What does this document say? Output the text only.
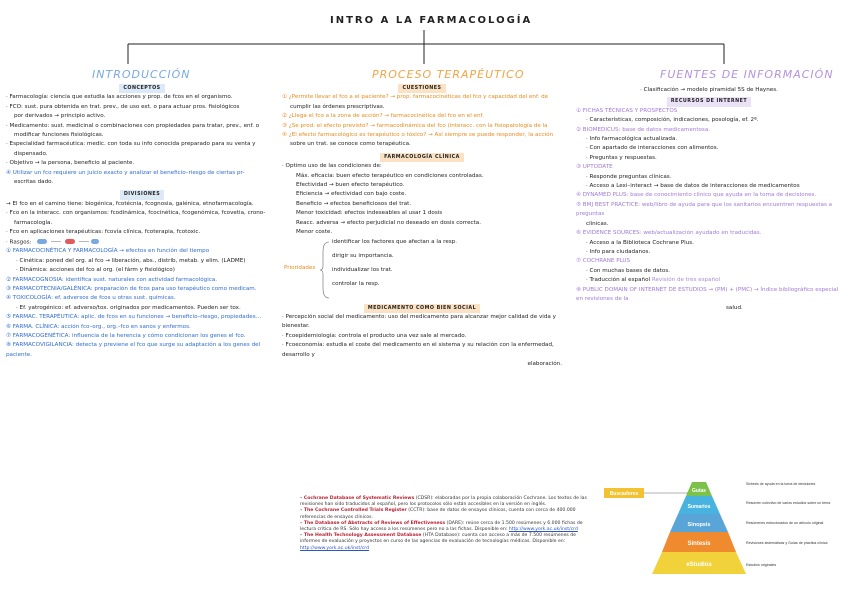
INTRO A LA FARMACOLOGÍA
INTRODUCCIÓN

CONCEPTOS

· Farmacología: ciencia que estudia las acciones y prop. de fcos en el organismo.

· FCO: sust. pura obtenida en trat. prev., de uso ext. o para actuar pros. fisiológicos

por derivados → principio activo.

· Medicamento: sust. medicinal o combinaciones con propiedades para tratar, prev., enf. o

modificar funciones fisiológicas.

· Especialidad farmacéutica: medic. con toda su info conocida preparado para su venta y

dispensado.

· Objetivo → la persona, beneficio al paciente.

④ Utilizar un fco requiere un juicio exacto y analizar el beneficio–riesgo de ciertas pr-

escritas dado.

DIVISIONES

→ El fco en el camino tiene: biogénica, fcotécnia, fcognosia, galénica, etnofarmacología.

· Fco en la interacc. con organismos: fcodinámica, fcocinética, fcogenómica, fcovetia, crono-

farmacología.

· Fco en aplicaciones terapéuticas: fcovía clínica, fcoterapia, fcotoxic.

· Rasgos:

① FARMACOCINÉTICA Y FARMACOLOGÍA → efectos en función del tiempo

· Cinética: poned del org. al fco → liberación, abs., distrib, metab. y elim. (LADME)

· Dinámica: acciones del fco al org. (el fárm y fisiológico)

② FARMACOGNOSIA: identifica sust. naturales con actividad farmacológica.

③ FARMACOTECNIA/GALÉNICA: preparación de fcos para uso terapéutico como medicam.

④ TOXICOLOGÍA: ef. adversos de fcos u otras sust. químicas.

· Ef. yatrogénico: ef. adverso/tox. originados por medicamentos. Pueden ser tox.

⑤ FARMAC. TERAPÉUTICA: aplic. de fcos en su funciones → beneficio–riesgo, propiedades…

⑥ FARMA. CLÍNICA: acción fco–org., org.–fco en sanos y enfermos.

⑦ FARMACOGENÉTICA: influencia de la herencia y cómo condicionan los genes el fco.

⑧ FARMACOVIGILANCIA: detecta y previene el fco que surge su adaptación a los genes del paciente.

PROCESO TERAPÉUTICO

CUESTIONES

① ¿Permite llevar el fco a el paciente? → prop. farmacocinéticas del fco y capacidad del enf. de

cumplir las órdenes prescriptivas.

② ¿Llega el fco a la zona de acción? → farmacocinética del fco en el enf.

③ ¿Se prod. el efecto previsto? → farmacodinámica del fco (interacc. con la fisiopatología de la

④ ¿El efecto farmacológico es terapéutico o tóxico? → Así siempre se puede responder, la acción

sobre un trat. se conoce como terapéutica.

FARMACOLOGÍA CLÍNICA

· Optimo uso de las condiciones de:

Máx. eficacia: buen efecto terapéutico en condiciones controladas.

Efectividad → buen efecto terapéutico.

Eficiencia → efectividad con bajo coste.

Beneficio → efectos beneficiosos del trat.

Menor toxicidad: efectos indeseables al usar 1 dosis

Reacc. adversa → efecto perjudicial no deseado en dosis correcta.

Menor coste.

Prioridades
identificar los factores que afectan a la resp.
dirigir su importancia.
individualizar los trat.
controlar la resp.

MEDICAMENTO COMO BIEN SOCIAL

· Percepción social del medicamento: uso del medicamento para alcanzar mejor calidad de vida y bienestar.

· Fcoepidemiología: controla el producto una vez sale al mercado.

· Fcoeconomía: estudia el coste del medicamento en el sistema y su relación con la enfermedad, desarrollo y

elaboración.

FUENTES DE INFORMACIÓN

· Clasificación → modelo piramidal 5S de Haynes.

RECURSOS DE INTERNET

① FICHAS TÉCNICAS Y PROSPECTOS

· Características, composición, indicaciones, posología, ef. 2º.

② BIOMEDICUS: base de datos medicamentosa.

· Info farmacológica actualizada.

· Con apartado de interacciones con alimentos.

· Preguntas y respuestas.

③ UPTODATE

· Responde preguntas clínicas.

· Acceso a Lexi–interact → base de datos de interacciones de medicamentos

④ DYNAMED PLUS: base de conocimiento clínico que ayuda en la toma de decisiones.

⑤ BMJ BEST PRACTICE: web/libro de ayuda para que los sanitarios encuentren respuestas a preguntas

clínicas.

⑥ EVIDENCE SOURCES: web/actualización ayudado en traducidas.

· Acceso a la Biblioteca Cochrane Plus.

· Info para ciudadanos.

⑦ COCHRANE PLUS

· Con muchas bases de datos.

· Traducción al español Revisión de tres español

⑧ PUBLIC DOMAIN OF INTERNET DE ESTUDIOS → (PM) + (PMC) → Índice bibliográfico especial en revisiones de la

salud.

– Cochrane Database of Systematic Reviews (CDSR): elaboradas por la propia colaboración Cochrane. Los textos de las revisiones han sido traducidos al español, pero los protocolos sólo están accesibles en la versión en inglés.

– The Cochrane Controlled Trials Register (CCTR): base de datos de ensayos clínicos, cuenta con cerca de 400.000 referencias de ensayos clínicos.

– The Database of Abstracts of Reviews of Effectiveness (DARE): reúne cerca de 1.500 resúmenes y 6.000 fichas de lectura crítica de RS. Sólo hay acceso a los resúmenes pero no a las fichas. Disponible en: http://www.york.ac.uk/inst/crd

– The Health Technology Assessment Database (HTA Database): cuenta con acceso a más de 7.500 resúmenes de informes de evaluación y proyectos en curso de las agencias de evaluación de tecnologías médicas. Disponible en: http://www.york.ac.uk/inst/crd

Buscadores	Guías
Sumarios
Sinopsis
Síntesis
eStudios
Síntesis de ayuda en la toma de decisiones
Resumen colectivo de varios estudios sobre un tema
Resúmenes estructurados de un artículo original
Revisiones sistemáticas y Guías de práctica clínica
Estudios originales
